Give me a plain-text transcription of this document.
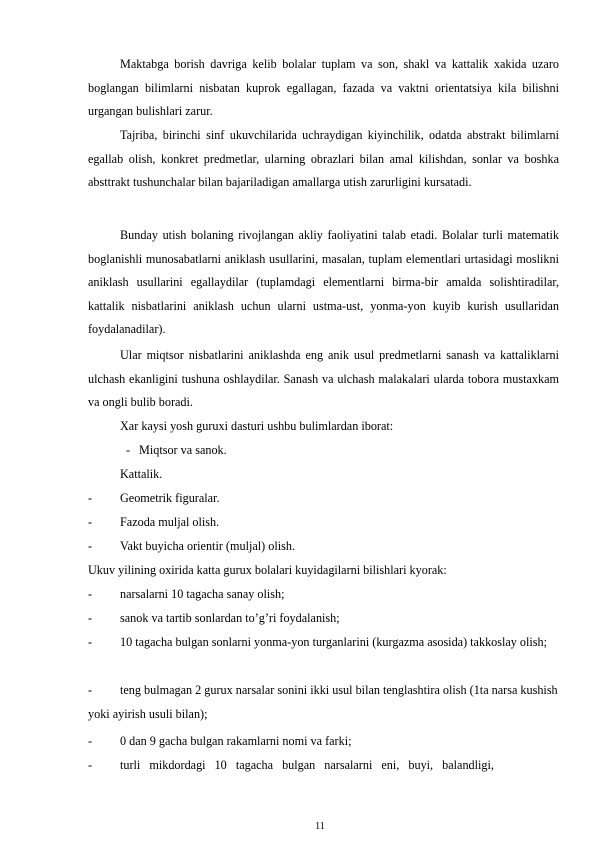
Maktabga borish davriga kelib bolalar tuplam va son, shakl va kattalik xakida uzaro boglangan bilimlarni nisbatan kuprok egallagan, fazada va vaktni orientatsiya kila bilishni urgangan bulishlari zarur.

Tajriba, birinchi sinf ukuvchilarida uchraydigan kiyinchilik, odatda abstrakt bilimlarni egallab olish, konkret predmetlar, ularning obrazlari bilan amal kilishdan, sonlar va boshka absttrakt tushunchalar bilan bajariladigan amallarga utish zarurligini kursatadi.

Bunday utish bolaning rivojlangan akliy faoliyatini talab etadi. Bolalar turli matematik boglanishli munosabatlarni aniklash usullarini, masalan, tuplam elementlari urtasidagi moslikni aniklash usullarini egallaydilar (tuplamdagi elementlarni birma-bir amalda solishtiradilar, kattalik nisbatlarini aniklash uchun ularni ustma-ust, yonma-yon kuyib kurish usullaridan foydalanadilar).

Ular miqtsor nisbatlarini aniklashda eng anik usul predmetlarni sanash va kattaliklarni ulchash ekanligini tushuna oshlaydilar. Sanash va ulchash malakalari ularda tobora mustaxkam va ongli bulib boradi.

Xar kaysi yosh guruxi dasturi ushbu bulimlardan iborat:

- Miqtsor va sanok.
Kattalik.
- Geometrik figuralar.
- Fazoda muljal olish.
- Vakt buyicha orientir (muljal) olish.

Ukuv yilining oxirida katta gurux bolalari kuyidagilarni bilishlari kyorak:

- narsalarni 10 tagacha sanay olish;
- sanok va tartib sonlardan to’g’ri foydalanish;
-	10 tagacha bulgan sonlarni yonma-yon turganlarini (kurgazma asosida) takkoslay olish;

-	teng bulmagan 2 gurux narsalar sonini ikki usul bilan tenglashtira olish (1ta narsa kushish yoki ayirish usuli bilan);

- 0 dan 9 gacha bulgan rakamlarni nomi va farki;
- turli mikdordagi 10 tagacha bulgan narsalarni eni, buyi, balandligi,
11
